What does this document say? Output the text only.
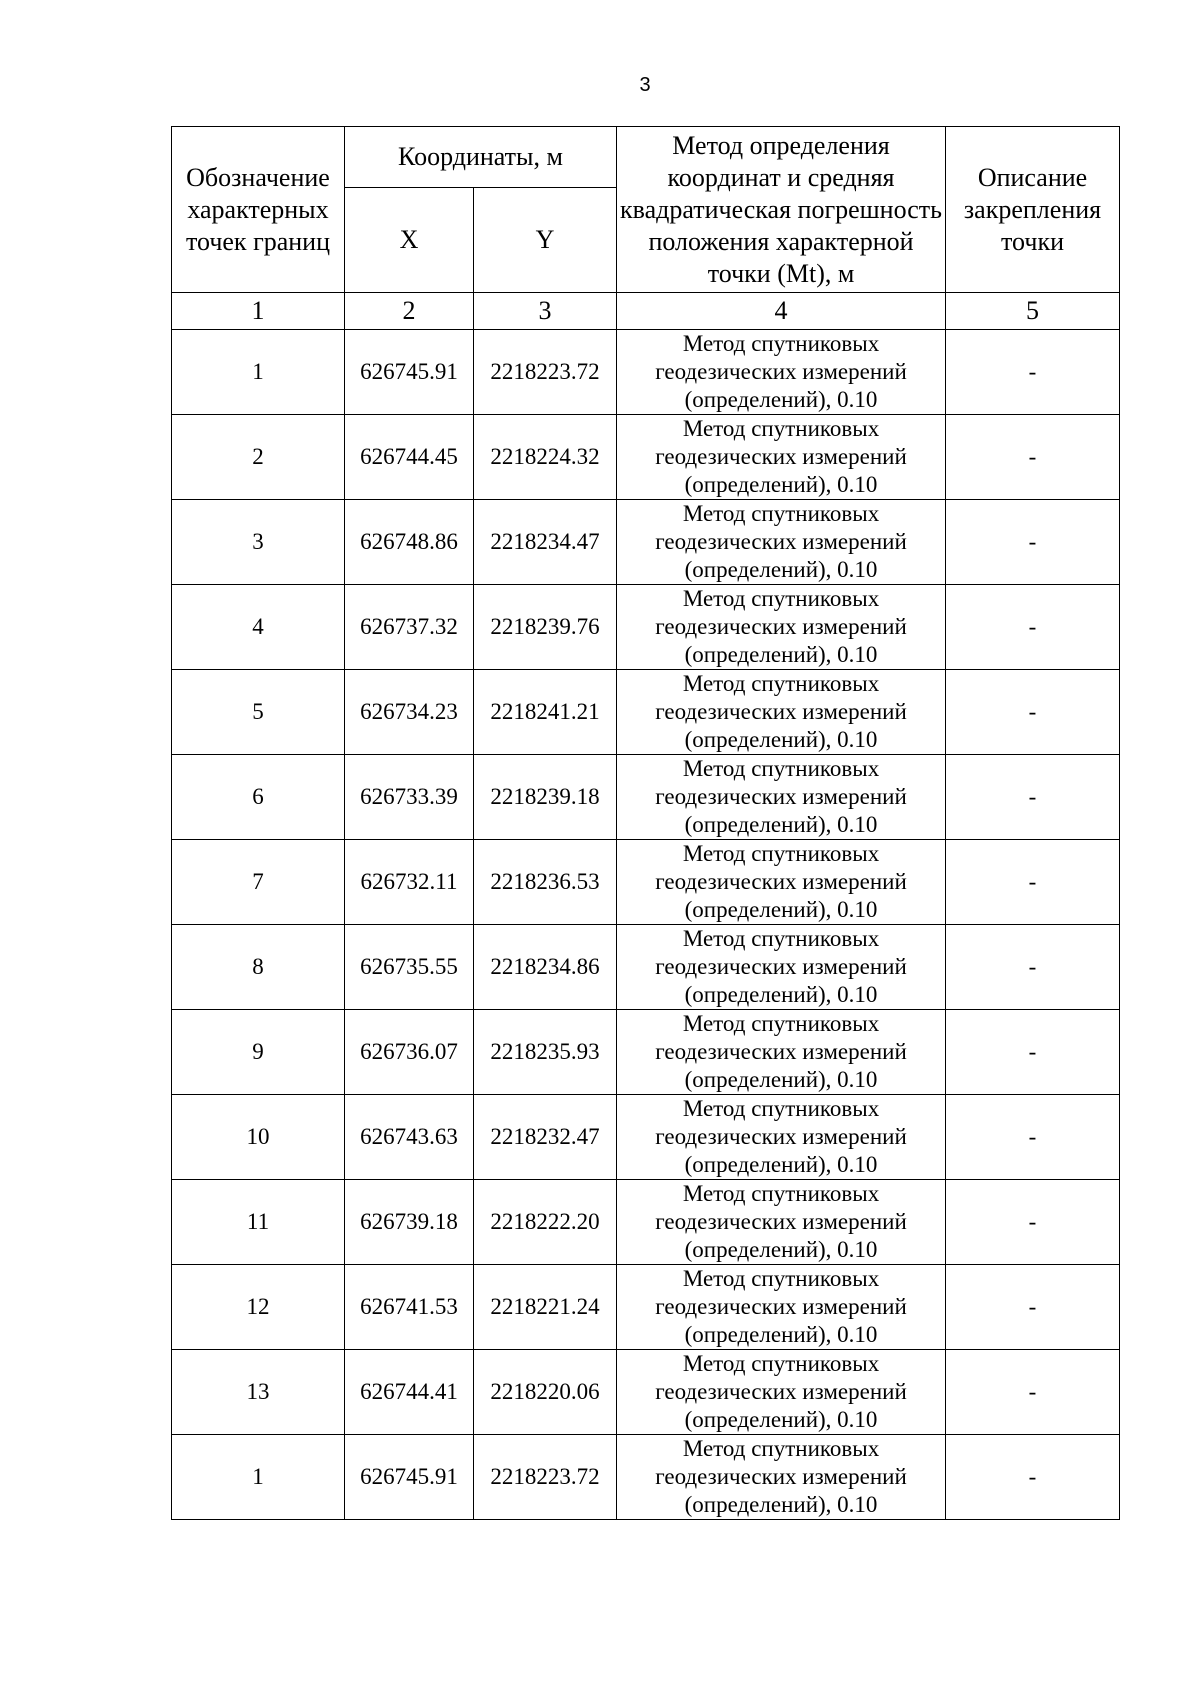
3
Обозначение характерных точек границ	Координаты, м		Метод определения координат и средняя квадратическая погрешность положения характерной точки (Mt), м	Описание закрепления точки
	X	Y		
1	2	3	4	5
1	626745.91	2218223.72	Метод спутниковых геодезических измерений (определений), 0.10	-
2	626744.45	2218224.32	Метод спутниковых геодезических измерений (определений), 0.10	-
3	626748.86	2218234.47	Метод спутниковых геодезических измерений (определений), 0.10	-
4	626737.32	2218239.76	Метод спутниковых геодезических измерений (определений), 0.10	-
5	626734.23	2218241.21	Метод спутниковых геодезических измерений (определений), 0.10	-
6	626733.39	2218239.18	Метод спутниковых геодезических измерений (определений), 0.10	-
7	626732.11	2218236.53	Метод спутниковых геодезических измерений (определений), 0.10	-
8	626735.55	2218234.86	Метод спутниковых геодезических измерений (определений), 0.10	-
9	626736.07	2218235.93	Метод спутниковых геодезических измерений (определений), 0.10	-
10	626743.63	2218232.47	Метод спутниковых геодезических измерений (определений), 0.10	-
11	626739.18	2218222.20	Метод спутниковых геодезических измерений (определений), 0.10	-
12	626741.53	2218221.24	Метод спутниковых геодезических измерений (определений), 0.10	-
13	626744.41	2218220.06	Метод спутниковых геодезических измерений (определений), 0.10	-
1	626745.91	2218223.72	Метод спутниковых геодезических измерений (определений), 0.10	-
